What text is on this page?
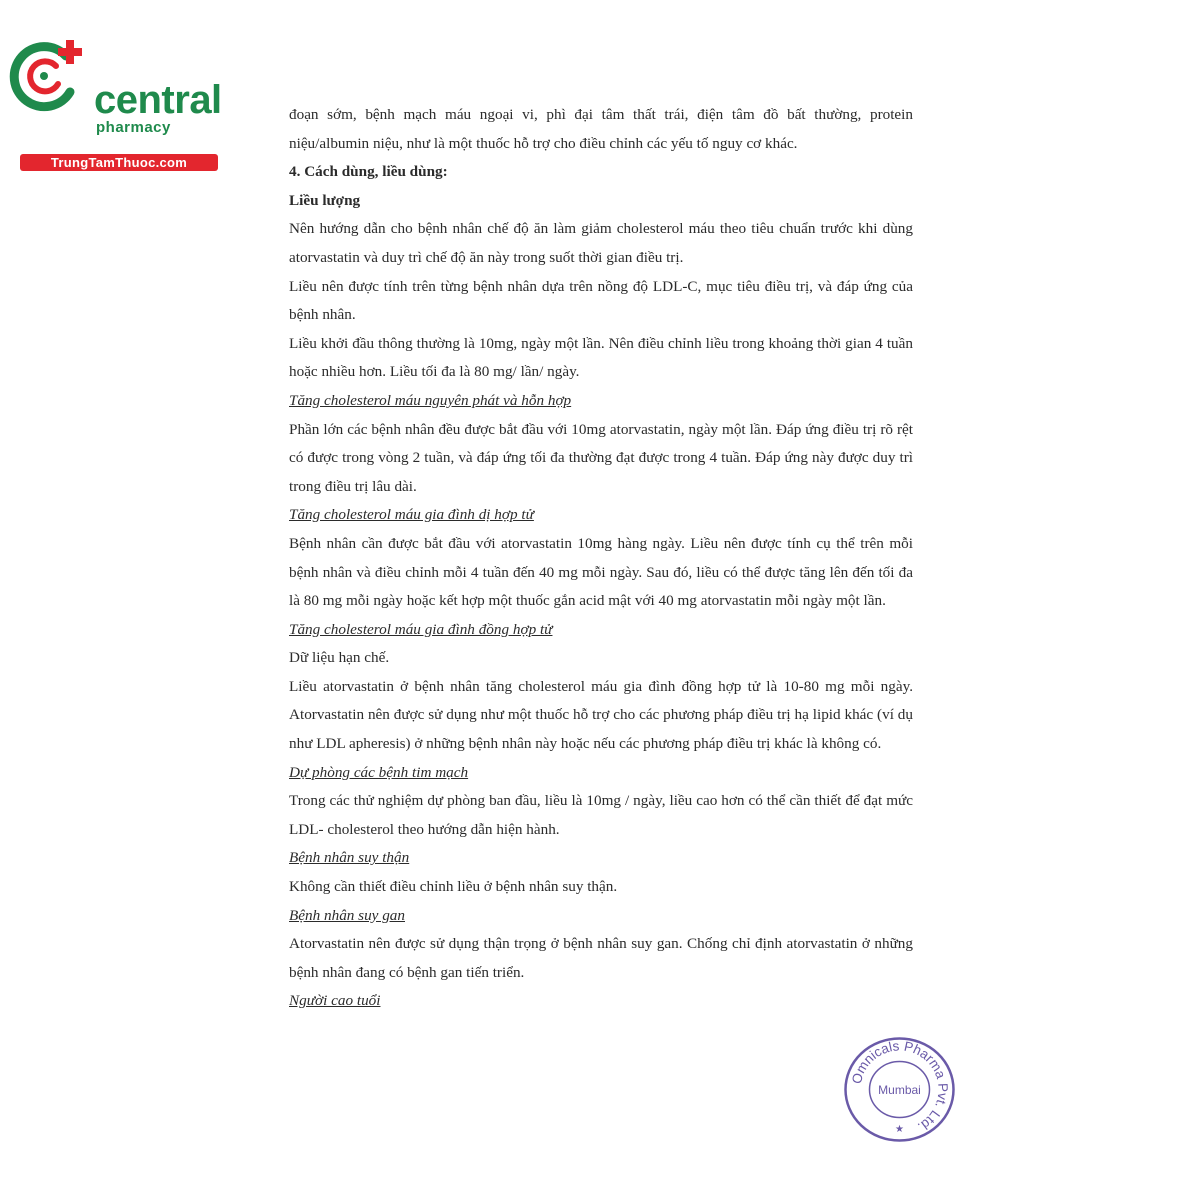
central
pharmacy
TrungTamThuoc.com

đoạn sớm, bệnh mạch máu ngoại vi, phì đại tâm thất trái, điện tâm đồ bất thường, protein niệu/albumin niệu, như là một thuốc hỗ trợ cho điều chỉnh các yếu tố nguy cơ khác.

4. Cách dùng, liều dùng:

Liều lượng

Nên hướng dẫn cho bệnh nhân chế độ ăn làm giảm cholesterol máu theo tiêu chuẩn trước khi dùng atorvastatin và duy trì chế độ ăn này trong suốt thời gian điều trị.

Liều nên được tính trên từng bệnh nhân dựa trên nồng độ LDL-C, mục tiêu điều trị, và đáp ứng của bệnh nhân.

Liều khởi đầu thông thường là 10mg, ngày một lần. Nên điều chỉnh liều trong khoảng thời gian 4 tuần hoặc nhiều hơn. Liều tối đa là 80 mg/ lần/ ngày.

Tăng cholesterol máu nguyên phát và hỗn hợp

Phần lớn các bệnh nhân đều được bắt đầu với 10mg atorvastatin, ngày một lần. Đáp ứng điều trị rõ rệt có được trong vòng 2 tuần, và đáp ứng tối đa thường đạt được trong 4 tuần. Đáp ứng này được duy trì trong điều trị lâu dài.

Tăng cholesterol máu gia đình dị hợp tử

Bệnh nhân cần được bắt đầu với atorvastatin 10mg hàng ngày. Liều nên được tính cụ thể trên mỗi bệnh nhân và điều chỉnh mỗi 4 tuần đến 40 mg mỗi ngày. Sau đó, liều có thể được tăng lên đến tối đa là 80 mg mỗi ngày hoặc kết hợp một thuốc gắn acid mật với 40 mg atorvastatin mỗi ngày một lần.

Tăng cholesterol máu gia đình đồng hợp tử

Dữ liệu hạn chế.

Liều atorvastatin ở bệnh nhân tăng cholesterol máu gia đình đồng hợp tử là 10-80 mg mỗi ngày. Atorvastatin nên được sử dụng như một thuốc hỗ trợ cho các phương pháp điều trị hạ lipid khác (ví dụ như LDL apheresis) ở những bệnh nhân này hoặc nếu các phương pháp điều trị khác là không có.

Dự phòng các bệnh tim mạch

Trong các thử nghiệm dự phòng ban đầu, liều là 10mg / ngày, liều cao hơn có thể cần thiết để đạt mức LDL- cholesterol theo hướng dẫn hiện hành.

Bệnh nhân suy thận

Không cần thiết điều chỉnh liều ở bệnh nhân suy thận.

Bệnh nhân suy gan

Atorvastatin nên được sử dụng thận trọng ở bệnh nhân suy gan. Chống chỉ định atorvastatin ở những bệnh nhân đang có bệnh gan tiến triển.

Người cao tuổi

Omnicals Pharma Pvt. Ltd.
Mumbai
★
